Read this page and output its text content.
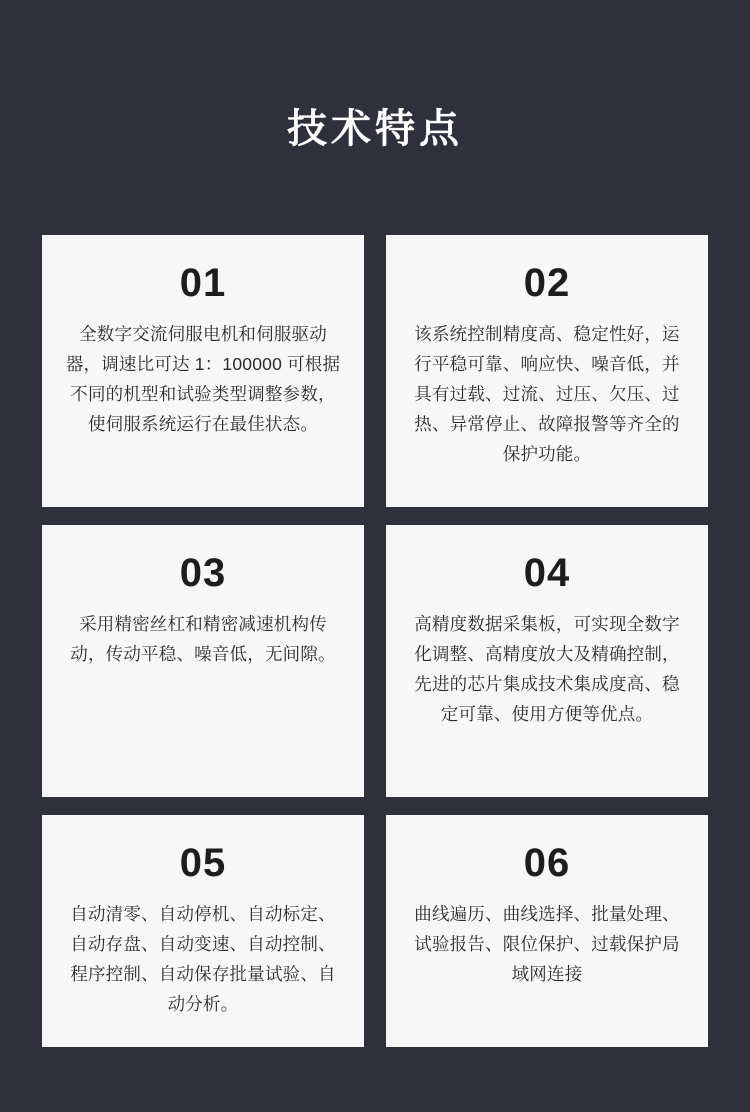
技术特点
01
全数字交流伺服电机和伺服驱动器，调速比可达 1：100000 可根据不同的机型和试验类型调整参数，使伺服系统运行在最佳状态。
02
该系统控制精度高、稳定性好，运行平稳可靠、响应快、噪音低，并具有过载、过流、过压、欠压、过热、异常停止、故障报警等齐全的保护功能。
03
采用精密丝杠和精密减速机构传动，传动平稳、噪音低，无间隙。
04
高精度数据采集板，可实现全数字化调整、高精度放大及精确控制，先进的芯片集成技术集成度高、稳定可靠、使用方便等优点。
05
自动清零、自动停机、自动标定、自动存盘、自动变速、自动控制、程序控制、自动保存批量试验、自动分析。
06
曲线遍历、曲线选择、批量处理、试验报告、限位保护、过载保护局域网连接
